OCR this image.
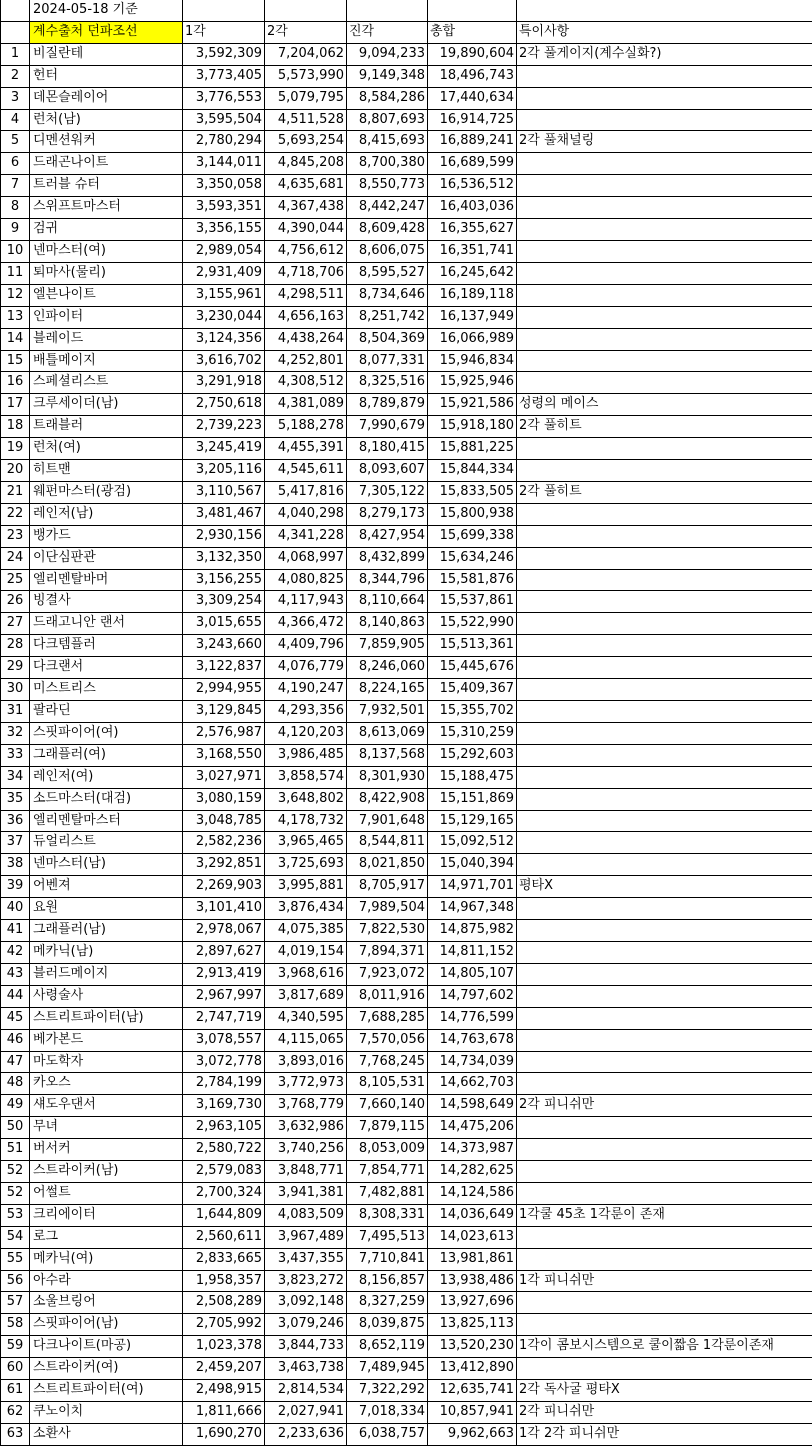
	2024-05-18 기준					
	계수출처 던파조선	1각	2각	진각	총합	특이사항
1	비질란테	3,592,309	7,204,062	9,094,233	19,890,604	2각 풀게이지(계수실화?)
2	헌터	3,773,405	5,573,990	9,149,348	18,496,743	
3	데몬슬레이어	3,776,553	5,079,795	8,584,286	17,440,634	
4	런처(남)	3,595,504	4,511,528	8,807,693	16,914,725	
5	디멘션워커	2,780,294	5,693,254	8,415,693	16,889,241	2각 풀채널링
6	드래곤나이트	3,144,011	4,845,208	8,700,380	16,689,599	
7	트러블 슈터	3,350,058	4,635,681	8,550,773	16,536,512	
8	스위프트마스터	3,593,351	4,367,438	8,442,247	16,403,036	
9	검귀	3,356,155	4,390,044	8,609,428	16,355,627	
10	넨마스터(여)	2,989,054	4,756,612	8,606,075	16,351,741	
11	퇴마사(물리)	2,931,409	4,718,706	8,595,527	16,245,642	
12	엘븐나이트	3,155,961	4,298,511	8,734,646	16,189,118	
13	인파이터	3,230,044	4,656,163	8,251,742	16,137,949	
14	블레이드	3,124,356	4,438,264	8,504,369	16,066,989	
15	배틀메이지	3,616,702	4,252,801	8,077,331	15,946,834	
16	스페셜리스트	3,291,918	4,308,512	8,325,516	15,925,946	
17	크루세이더(남)	2,750,618	4,381,089	8,789,879	15,921,586	성령의 메이스
18	트래블러	2,739,223	5,188,278	7,990,679	15,918,180	2각 풀히트
19	런처(여)	3,245,419	4,455,391	8,180,415	15,881,225	
20	히트맨	3,205,116	4,545,611	8,093,607	15,844,334	
21	웨펀마스터(광검)	3,110,567	5,417,816	7,305,122	15,833,505	2각 풀히트
22	레인저(남)	3,481,467	4,040,298	8,279,173	15,800,938	
23	뱅가드	2,930,156	4,341,228	8,427,954	15,699,338	
24	이단심판관	3,132,350	4,068,997	8,432,899	15,634,246	
25	엘리멘탈바머	3,156,255	4,080,825	8,344,796	15,581,876	
26	빙결사	3,309,254	4,117,943	8,110,664	15,537,861	
27	드래고니안 랜서	3,015,655	4,366,472	8,140,863	15,522,990	
28	다크템플러	3,243,660	4,409,796	7,859,905	15,513,361	
29	다크랜서	3,122,837	4,076,779	8,246,060	15,445,676	
30	미스트리스	2,994,955	4,190,247	8,224,165	15,409,367	
31	팔라딘	3,129,845	4,293,356	7,932,501	15,355,702	
32	스핏파이어(여)	2,576,987	4,120,203	8,613,069	15,310,259	
33	그래플러(여)	3,168,550	3,986,485	8,137,568	15,292,603	
34	레인저(여)	3,027,971	3,858,574	8,301,930	15,188,475	
35	소드마스터(대검)	3,080,159	3,648,802	8,422,908	15,151,869	
36	엘리멘탈마스터	3,048,785	4,178,732	7,901,648	15,129,165	
37	듀얼리스트	2,582,236	3,965,465	8,544,811	15,092,512	
38	넨마스터(남)	3,292,851	3,725,693	8,021,850	15,040,394	
39	어벤져	2,269,903	3,995,881	8,705,917	14,971,701	평타X
40	요원	3,101,410	3,876,434	7,989,504	14,967,348	
41	그래플러(남)	2,978,067	4,075,385	7,822,530	14,875,982	
42	메카닉(남)	2,897,627	4,019,154	7,894,371	14,811,152	
43	블러드메이지	2,913,419	3,968,616	7,923,072	14,805,107	
44	사령술사	2,967,997	3,817,689	8,011,916	14,797,602	
45	스트리트파이터(남)	2,747,719	4,340,595	7,688,285	14,776,599	
46	베가본드	3,078,557	4,115,065	7,570,056	14,763,678	
47	마도학자	3,072,778	3,893,016	7,768,245	14,734,039	
48	카오스	2,784,199	3,772,973	8,105,531	14,662,703	
49	섀도우댄서	3,169,730	3,768,779	7,660,140	14,598,649	2각 피니쉬만
50	무녀	2,963,105	3,632,986	7,879,115	14,475,206	
51	버서커	2,580,722	3,740,256	8,053,009	14,373,987	
52	스트라이커(남)	2,579,083	3,848,771	7,854,771	14,282,625	
52	어썰트	2,700,324	3,941,381	7,482,881	14,124,586	
53	크리에이터	1,644,809	4,083,509	8,308,331	14,036,649	1각쿨 45초 1각룬이 존재
54	로그	2,560,611	3,967,489	7,495,513	14,023,613	
55	메카닉(여)	2,833,665	3,437,355	7,710,841	13,981,861	
56	아수라	1,958,357	3,823,272	8,156,857	13,938,486	1각 피니쉬만
57	소울브링어	2,508,289	3,092,148	8,327,259	13,927,696	
58	스핏파이어(남)	2,705,992	3,079,246	8,039,875	13,825,113	
59	다크나이트(마공)	1,023,378	3,844,733	8,652,119	13,520,230	1각이 콤보시스템으로 쿨이짧음 1각룬이존재
60	스트라이커(여)	2,459,207	3,463,738	7,489,945	13,412,890	
61	스트리트파이터(여)	2,498,915	2,814,534	7,322,292	12,635,741	2각 독사굴 평타X
62	쿠노이치	1,811,666	2,027,941	7,018,334	10,857,941	2각 피니쉬만
63	소환사	1,690,270	2,233,636	6,038,757	9,962,663	1각 2각 피니쉬만
